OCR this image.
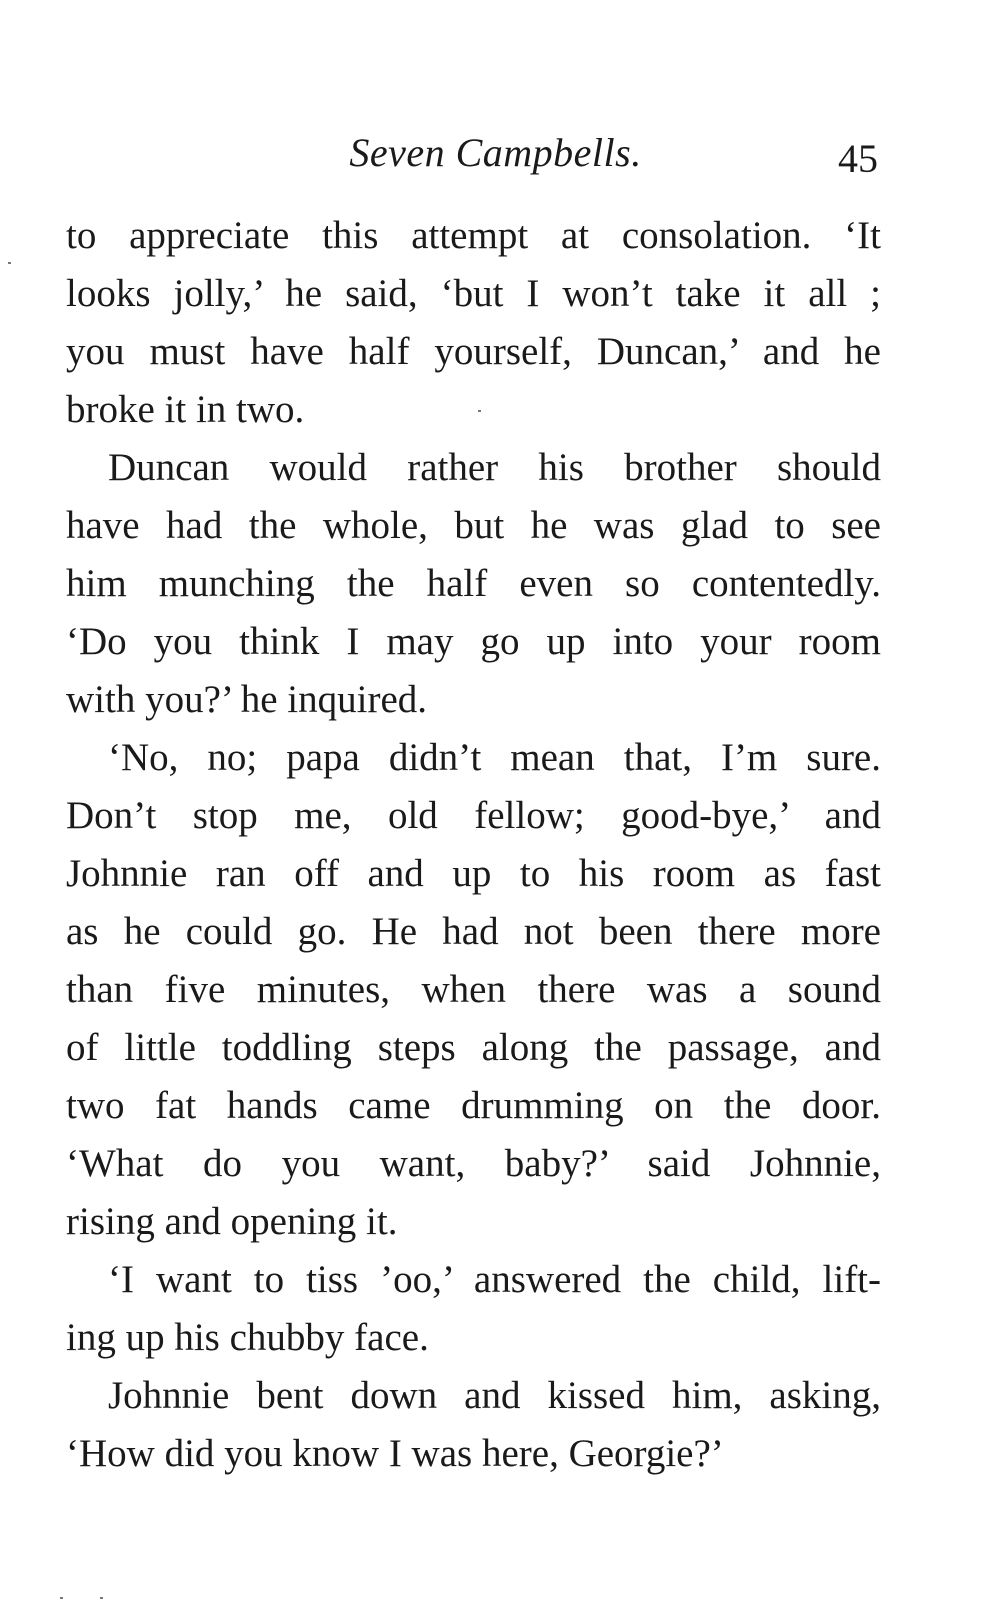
Seven Campbells.	45
to appreciate this attempt at consolation. ‘It
looks jolly,’ he said, ‘but I won’t take it all ;
you must have half yourself, Duncan,’ and he
broke it in two.
Duncan would rather his brother should
have had the whole, but he was glad to see
him munching the half even so contentedly.
‘Do you think I may go up into your room
with you?’ he inquired.
‘No, no; papa didn’t mean that, I’m sure.
Don’t stop me, old fellow; good-bye,’ and
Johnnie ran off and up to his room as fast
as he could go. He had not been there more
than five minutes, when there was a sound
of little toddling steps along the passage, and
two fat hands came drumming on the door.
‘What do you want, baby?’ said Johnnie,
rising and opening it.
‘I want to tiss ’oo,’ answered the child, lift-
ing up his chubby face.
Johnnie bent down and kissed him, asking,
‘How did you know I was here, Georgie?’
